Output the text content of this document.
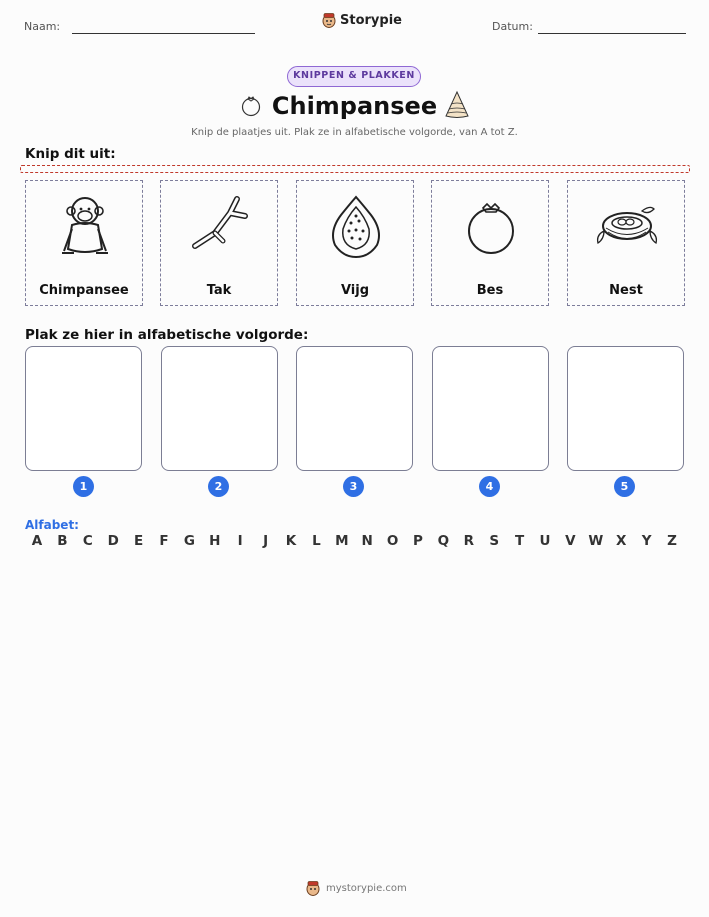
Naam:	Storypie	Datum:
KNIPPEN & PLAKKEN
Chimpansee
Knip de plaatjes uit. Plak ze in alfabetische volgorde, van A tot Z.
Knip dit uit:
Chimpansee	Tak	Vijg	Bes	Nest
Plak ze hier in alfabetische volgorde:
1	2	3	4	5
Alfabet:
A	B	C	D	E	F	G	H	I	J	K	L	M N	O	P	Q	R	S	T	U	V W X	Y	Z
mystorypie.com
